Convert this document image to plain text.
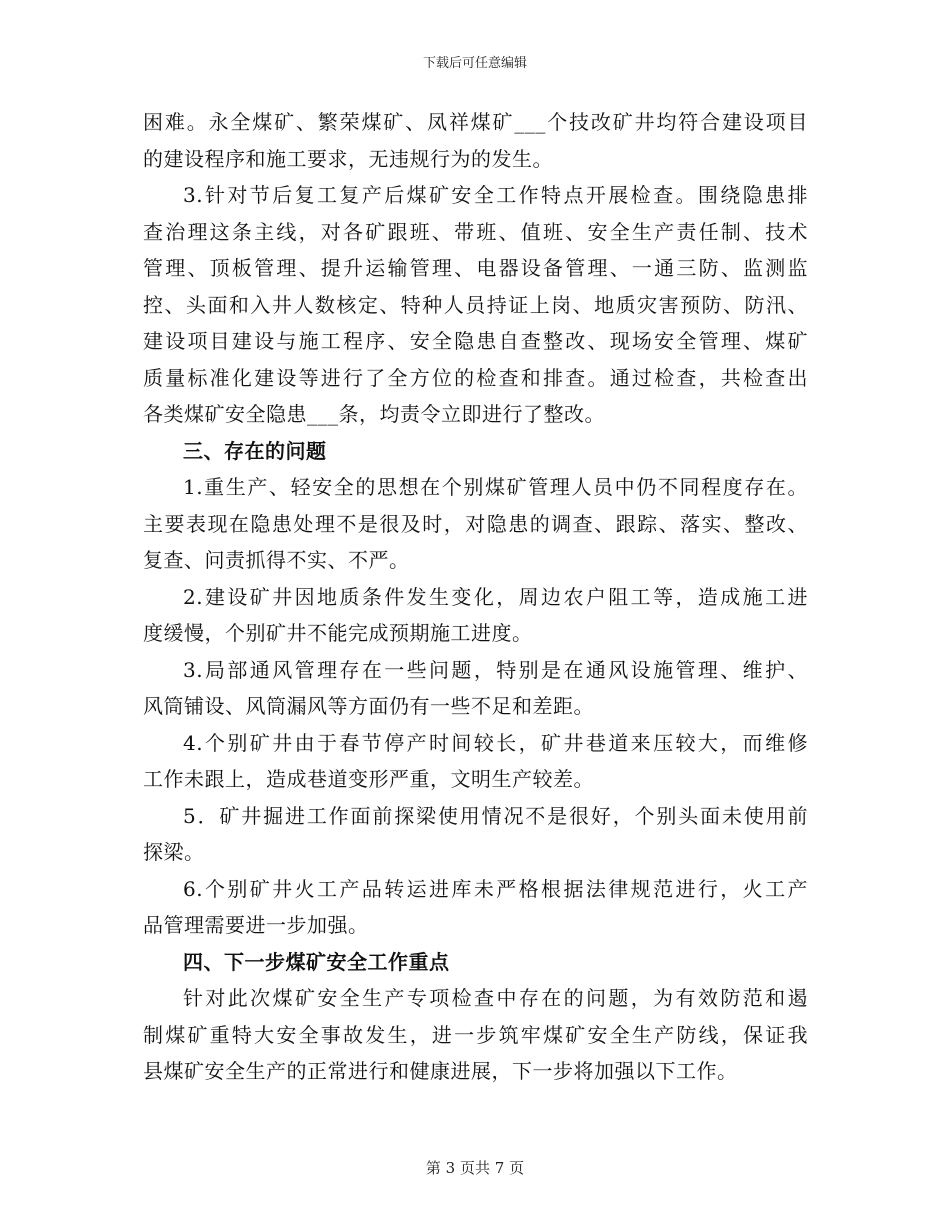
下载后可任意编辑
困难。永全煤矿、繁荣煤矿、凤祥煤矿___个技改矿井均符合建设项目
的建设程序和施工要求，无违规行为的发生。
3.针对节后复工复产后煤矿安全工作特点开展检查。围绕隐患排
查治理这条主线，对各矿跟班、带班、值班、安全生产责任制、技术
管理、顶板管理、提升运输管理、电器设备管理、一通三防、监测监
控、头面和入井人数核定、特种人员持证上岗、地质灾害预防、防汛、
建设项目建设与施工程序、安全隐患自查整改、现场安全管理、煤矿
质量标准化建设等进行了全方位的检查和排查。通过检查，共检查出
各类煤矿安全隐患___条，均责令立即进行了整改。
三、存在的问题
1.重生产、轻安全的思想在个别煤矿管理人员中仍不同程度存在。
主要表现在隐患处理不是很及时，对隐患的调查、跟踪、落实、整改、
复查、问责抓得不实、不严。
2.建设矿井因地质条件发生变化，周边农户阻工等，造成施工进
度缓慢，个别矿井不能完成预期施工进度。
3.局部通风管理存在一些问题，特别是在通风设施管理、维护、
风筒铺设、风筒漏风等方面仍有一些不足和差距。
4.个别矿井由于春节停产时间较长，矿井巷道来压较大，而维修
工作未跟上，造成巷道变形严重，文明生产较差。
5．矿井掘进工作面前探梁使用情况不是很好，个别头面未使用前
探梁。
6.个别矿井火工产品转运进库未严格根据法律规范进行，火工产
品管理需要进一步加强。
四、下一步煤矿安全工作重点
针对此次煤矿安全生产专项检查中存在的问题，为有效防范和遏
制煤矿重特大安全事故发生，进一步筑牢煤矿安全生产防线，保证我
县煤矿安全生产的正常进行和健康进展，下一步将加强以下工作。
第 3 页共 7 页
